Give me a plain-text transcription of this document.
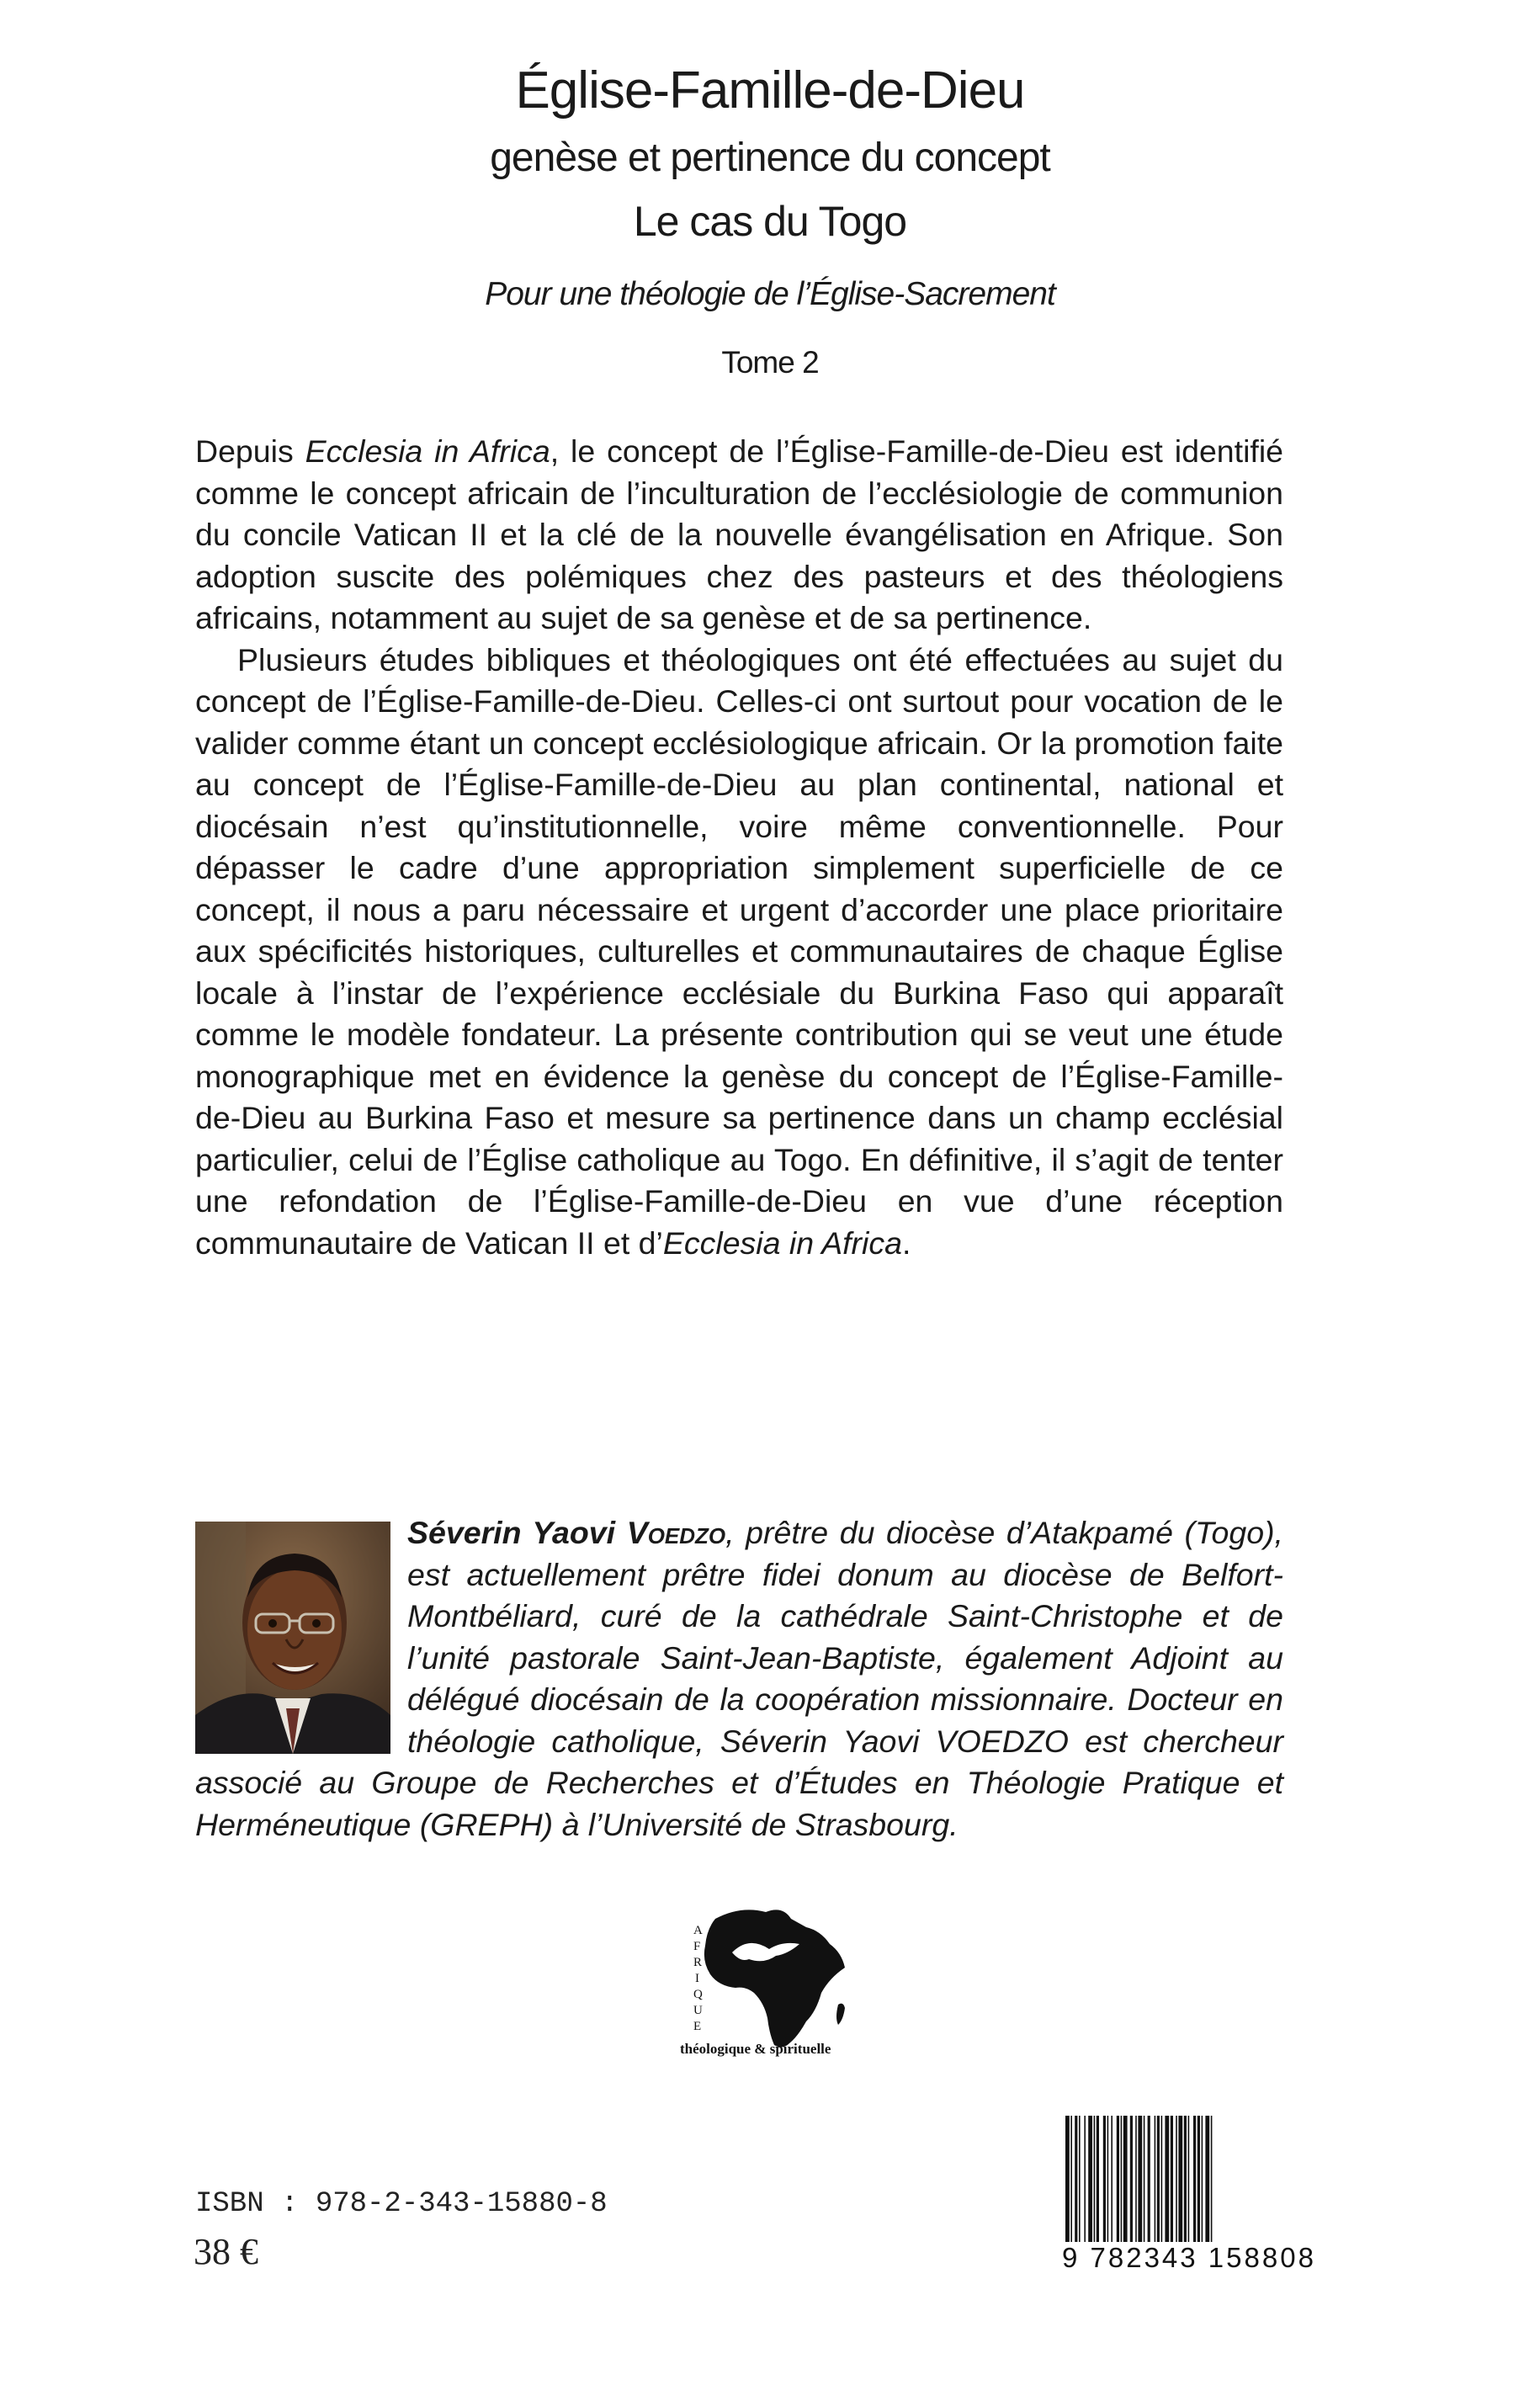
Église-Famille-de-Dieu
genèse et pertinence du concept
Le cas du Togo
Pour une théologie de l’Église-Sacrement
Tome 2

Depuis Ecclesia in Africa, le concept de l’Église-Famille-de-Dieu est identifié comme le concept africain de l’inculturation de l’ecclésiologie de communion du concile Vatican II et la clé de la nouvelle évangélisation en Afrique. Son adoption suscite des polémiques chez des pasteurs et des théologiens africains, notamment au sujet de sa genèse et de sa pertinence.

Plusieurs études bibliques et théologiques ont été effectuées au sujet du concept de l’Église-Famille-de-Dieu. Celles-ci ont surtout pour vocation de le valider comme étant un concept ecclésiologique africain. Or la promotion faite au concept de l’Église-Famille-de-Dieu au plan continental, national et diocésain n’est qu’institutionnelle, voire même conventionnelle. Pour dépasser le cadre d’une appropriation simplement superficielle de ce concept, il nous a paru nécessaire et urgent d’accorder une place prioritaire aux spécificités historiques, culturelles et communautaires de chaque Église locale à l’instar de l’expérience ecclésiale du Burkina Faso qui apparaît comme le modèle fondateur. La présente contribution qui se veut une étude monographique met en évidence la genèse du concept de l’Église-Famille-de-Dieu au Burkina Faso et mesure sa pertinence dans un champ ecclésial particulier, celui de l’Église catholique au Togo. En définitive, il s’agit de tenter une refondation de l’Église-Famille-de-Dieu en vue d’une réception communautaire de Vatican II et d’Ecclesia in Africa.

Séverin Yaovi Voedzo, prêtre du diocèse d’Atakpamé (Togo), est actuellement prêtre fidei donum au diocèse de Belfort-Montbéliard, curé de la cathédrale Saint-Christophe et de l’unité pastorale Saint-Jean-Baptiste, également Adjoint au délégué diocésain de la coopération missionnaire. Docteur en théologie catholique, Séverin Yaovi VOEDZO est chercheur associé au Groupe de Recherches et d’Études en Théologie Pratique et Herméneutique (GREPH) à l’Université de Strasbourg.
A
F
R
I
Q
U
E
théologique & spirituelle
ISBN : 978-2-343-15880-8
38 €	9 782343 158808
